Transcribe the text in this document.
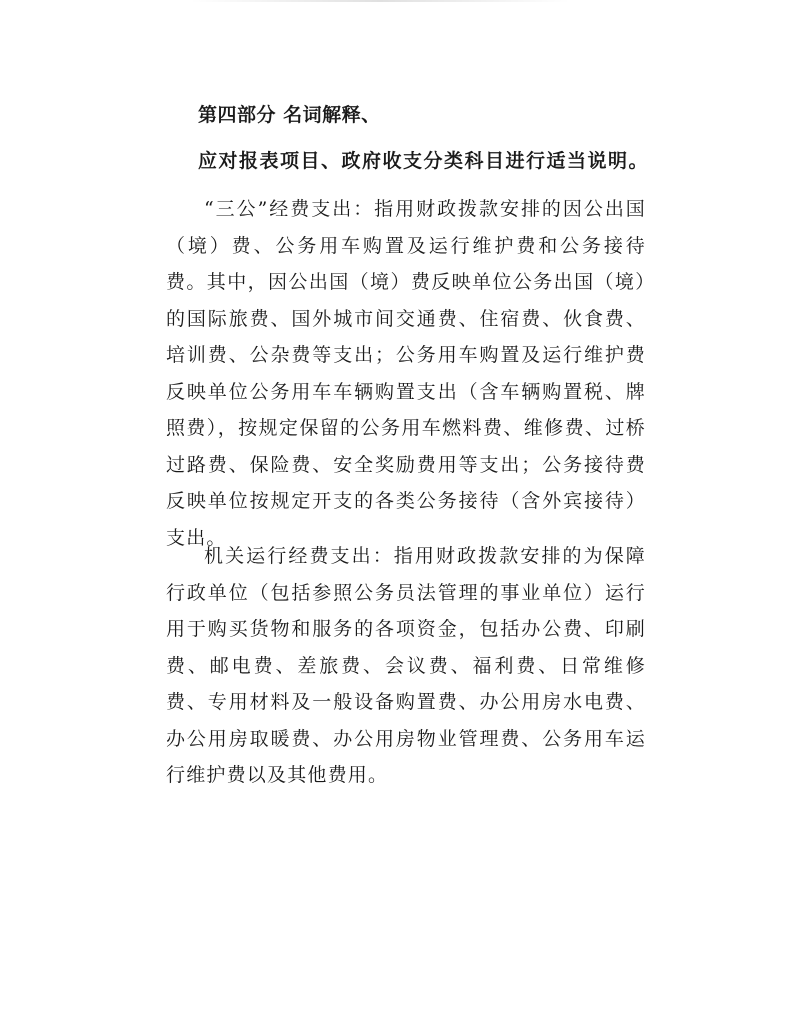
第四部分 名词解释、
应对报表项目、政府收支分类科目进行适当说明。

“三公”经费支出：指用财政拨款安排的因公出国（境）费、公务用车购置及运行维护费和公务接待费。其中，因公出国（境）费反映单位公务出国（境）的国际旅费、国外城市间交通费、住宿费、伙食费、培训费、公杂费等支出；公务用车购置及运行维护费反映单位公务用车车辆购置支出（含车辆购置税、牌照费），按规定保留的公务用车燃料费、维修费、过桥过路费、保险费、安全奖励费用等支出；公务接待费反映单位按规定开支的各类公务接待（含外宾接待）支出。

机关运行经费支出：指用财政拨款安排的为保障行政单位（包括参照公务员法管理的事业单位）运行用于购买货物和服务的各项资金，包括办公费、印刷费、邮电费、差旅费、会议费、福利费、日常维修费、专用材料及一般设备购置费、办公用房水电费、办公用房取暖费、办公用房物业管理费、公务用车运行维护费以及其他费用。
